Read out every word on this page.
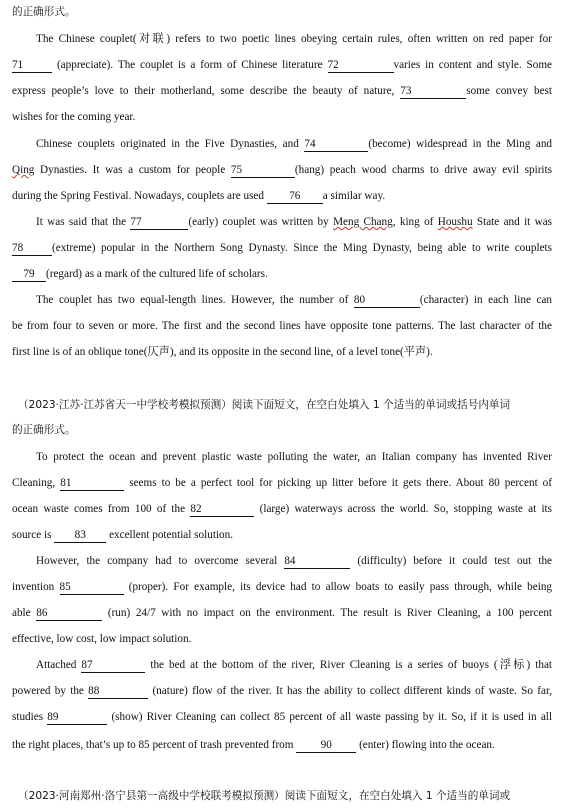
的正确形式。
The Chinese couplet(对联) refers to two poetic lines obeying certain rules, often written on red paper for
71	(appreciate). The couplet is a form of Chinese literature 72	varies in content and style. Some
express people’s love to their motherland, some describe the beauty of nature, 73	some convey best
wishes for the coming year.
Chinese couplets originated in the Five Dynasties, and 74	(become) widespread in the Ming and
Qing Dynasties. It was a custom for people 75	(hang) peach wood charms to drive away evil spirits
during the Spring Festival. Nowadays, couplets are used 76 a similar way.
It was said that the 77	(early) couplet was written by Meng Chang, king of Houshu State and it was
78	(extreme) popular in the Northern Song Dynasty. Since the Ming Dynasty, being able to write couplets
79 (regard) as a mark of the cultured life of scholars.
The couplet has two equal-length lines. However, the number of 80	(character) in each line can
be from four to seven or more. The first and the second lines have opposite tone patterns. The last character of the
first line is of an oblique tone(仄声), and its opposite in the second line, of a level tone(平声).
（2023·江苏·江苏省天一中学校考模拟预测）阅读下面短文，在空白处填入 1 个适当的单词或括号内单词
的正确形式。
To protect the ocean and prevent plastic waste polluting the water, an Italian company has invented River
Cleaning, 81	seems to be a perfect tool for picking up litter before it gets there. About 80 percent of
ocean waste comes from 100 of the 82	(large) waterways across the world. So, stopping waste at its
source is 83 excellent potential solution.
However, the company had to overcome several 84	(difficulty) before it could test out the
invention 85	(proper). For example, its device had to allow boats to easily pass through, while being
able 86	(run) 24/7 with no impact on the environment. The result is River Cleaning, a 100 percent
effective, low cost, low impact solution.
Attached 87	the bed at the bottom of the river, River Cleaning is a series of buoys (浮标) that
powered by the 88	(nature) flow of the river. It has the ability to collect different kinds of waste. So far,
studies 89	(show) River Cleaning can collect 85 percent of all waste passing by it. So, if it is used in all
the right places, that’s up to 85 percent of trash prevented from 90 (enter) flowing into the ocean.
（2023·河南郑州·洛宁县第一高级中学校联考模拟预测）阅读下面短文，在空白处填入 1 个适当的单词或
